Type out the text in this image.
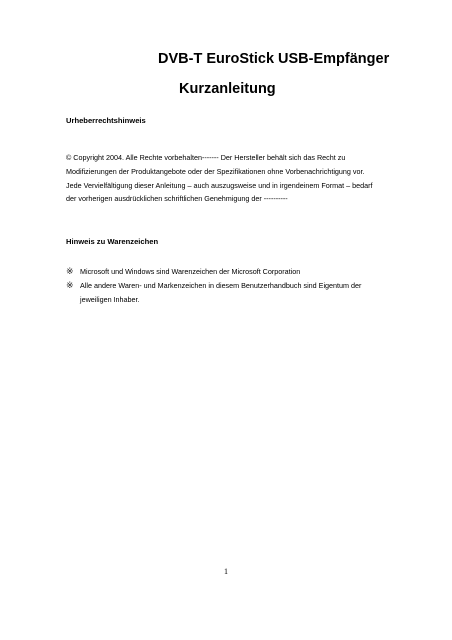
DVB-T EuroStick USB-Empfänger
Kurzanleitung
Urheberrechtshinweis
© Copyright 2004. Alle Rechte vorbehalten------- Der Hersteller behält sich das Recht zu
Modifizierungen der Produktangebote oder der Spezifikationen ohne Vorbenachrichtigung vor.
Jede Vervielfältigung dieser Anleitung – auch auszugsweise und in irgendeinem Format – bedarf
der vorherigen ausdrücklichen schriftlichen Genehmigung der ----------
Hinweis zu Warenzeichen
※ Microsoft und Windows sind Warenzeichen der Microsoft Corporation
※ Alle andere Waren- und Markenzeichen in diesem Benutzerhandbuch sind Eigentum der
jeweiligen Inhaber.
1
